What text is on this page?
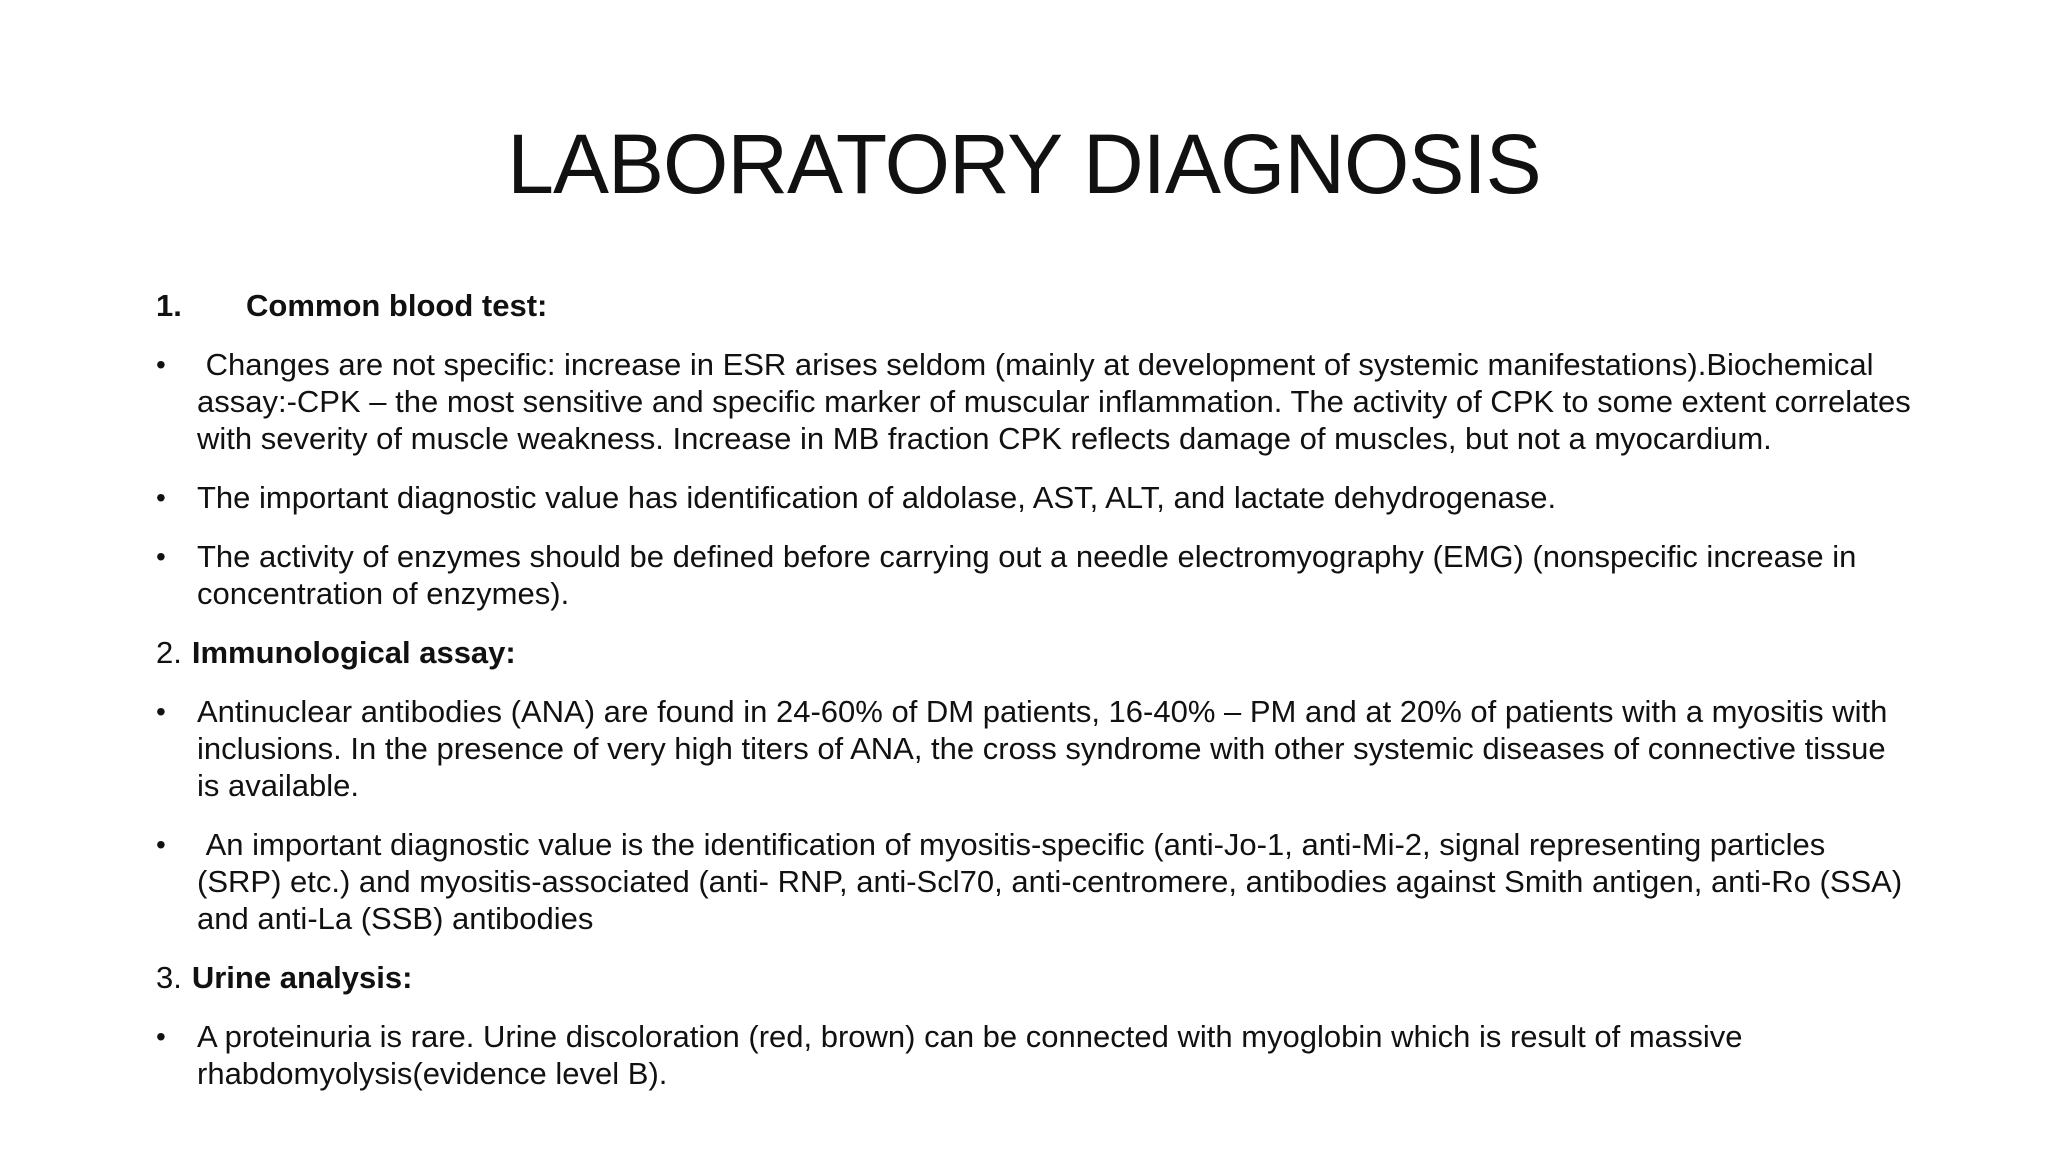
LABORATORY DIAGNOSIS
1.	Common blood test:
• Changes are not specific: increase in ESR arises seldom (mainly at development of systemic manifestations).Biochemical assay:-CPK – the most sensitive and specific marker of muscular inflammation. The activity of CPK to some extent correlates with severity of muscle weakness. Increase in MB fraction CPK reflects damage of muscles, but not a myocardium.
• The important diagnostic value has identification of aldolase, AST, ALT, and lactate dehydrogenase.
• The activity of enzymes should be defined before carrying out a needle electromyography (EMG) (nonspecific increase in concentration of enzymes).
2. Immunological assay:
• Antinuclear antibodies (ANA) are found in 24-60% of DM patients, 16-40% – PM and at 20% of patients with a myositis with inclusions. In the presence of very high titers of ANA, the cross syndrome with other systemic diseases of connective tissue is available.
• An important diagnostic value is the identification of myositis-specific (anti-Jo-1, anti-Mi-2, signal representing particles (SRP) etc.) and myositis-associated (anti- RNP, anti-Scl70, anti-centromere, antibodies against Smith antigen, anti-Ro (SSA) and anti-La (SSB) antibodies
3. Urine analysis:
• A proteinuria is rare. Urine discoloration (red, brown) can be connected with myoglobin which is result of massive rhabdomyolysis(evidence level B).
